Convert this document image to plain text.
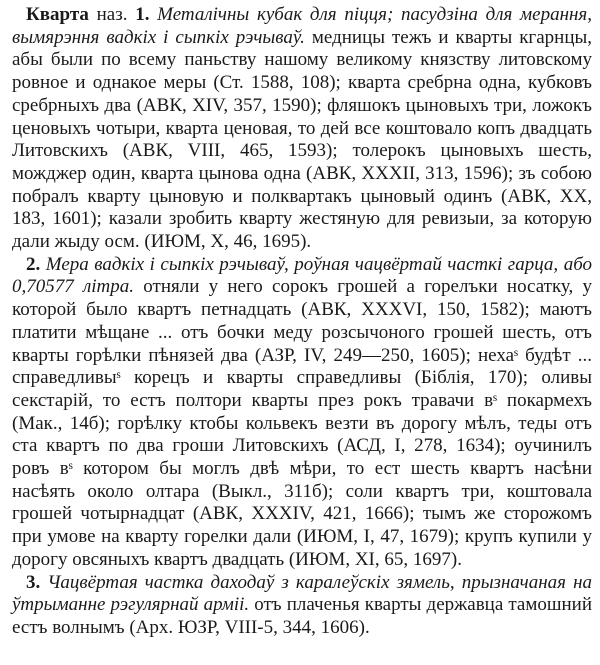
Кварта наз. 1. Металічны кубак для піцця; пасудзіна для мерання, вымярэння вадкіх і сыпкіх рэчываў. медницы тежъ и кварты кгарнцы, абы были по всему паньству нашому великому князству литовскому ровное и однакое меры (Ст. 1588, 108); кварта сребрна одна, кубковъ сребрныхъ два (АВК, XIV, 357, 1590); фляшокъ цыновыхъ три, ложокъ ценовыхъ чотыри, кварта ценовая, то дей все коштовало копъ двадцать Литовскихъ (АВК, VIII, 465, 1593); толерокъ цыновыхъ шесть, можджер один, кварта цынова одна (АВК, XXXII, 313, 1596); зъ собою побралъ кварту цыновую и полквартакъ цыновый одинъ (АВК, XX, 183, 1601); казали зробить кварту жестяную для ревизыи, за которую дали жыду осм. (ИЮМ, X, 46, 1695).

2. Мера вадкіх і сыпкіх рэчываў, роўная чацвёртай часткі гарца, або 0,70577 літра. отняли у него сорокъ грошей а горелъки носатку, у которой было квартъ петнадцать (АВК, XXXVI, 150, 1582); маютъ платити мѣщане ... отъ бочки меду розсычоного грошей шесть, отъ кварты горѣлки пѣнязей два (АЗР, IV, 249—250, 1605); нехаˢ будѣт ... справедливыˢ корецъ и кварты справедливы (Біблія, 170); оливы секстарій, то естъ полтори кварты през рокъ травачи вˢ покармехъ (Мак., 14б); горѣлку ктобы кольвекъ везти въ дорогу мѣлъ, теды отъ ста квартъ по два гроши Литовскихъ (АСД, I, 278, 1634); оучинилъ ровъ вˢ котором бы моглъ двѣ мѣри, то ест шесть квартъ насѣни насѣять около олтара (Выкл., 311б); соли квартъ три, коштовала грошей чотырнадцат (АВК, XXXIV, 421, 1666); тымъ же сторожомъ при умове на кварту горелки дали (ИЮМ, I, 47, 1679); крупъ купили у дорогу овсяныхъ квартъ двадцать (ИЮМ, XI, 65, 1697).

3. Чацвёртая частка даходаў з каралеўскіх зямель, прызначаная на ўтрыманне рэгулярнай арміі. отъ плаченья кварты державца тамошний естъ волнымъ (Арх. ЮЗР, VIII-5, 344, 1606).
